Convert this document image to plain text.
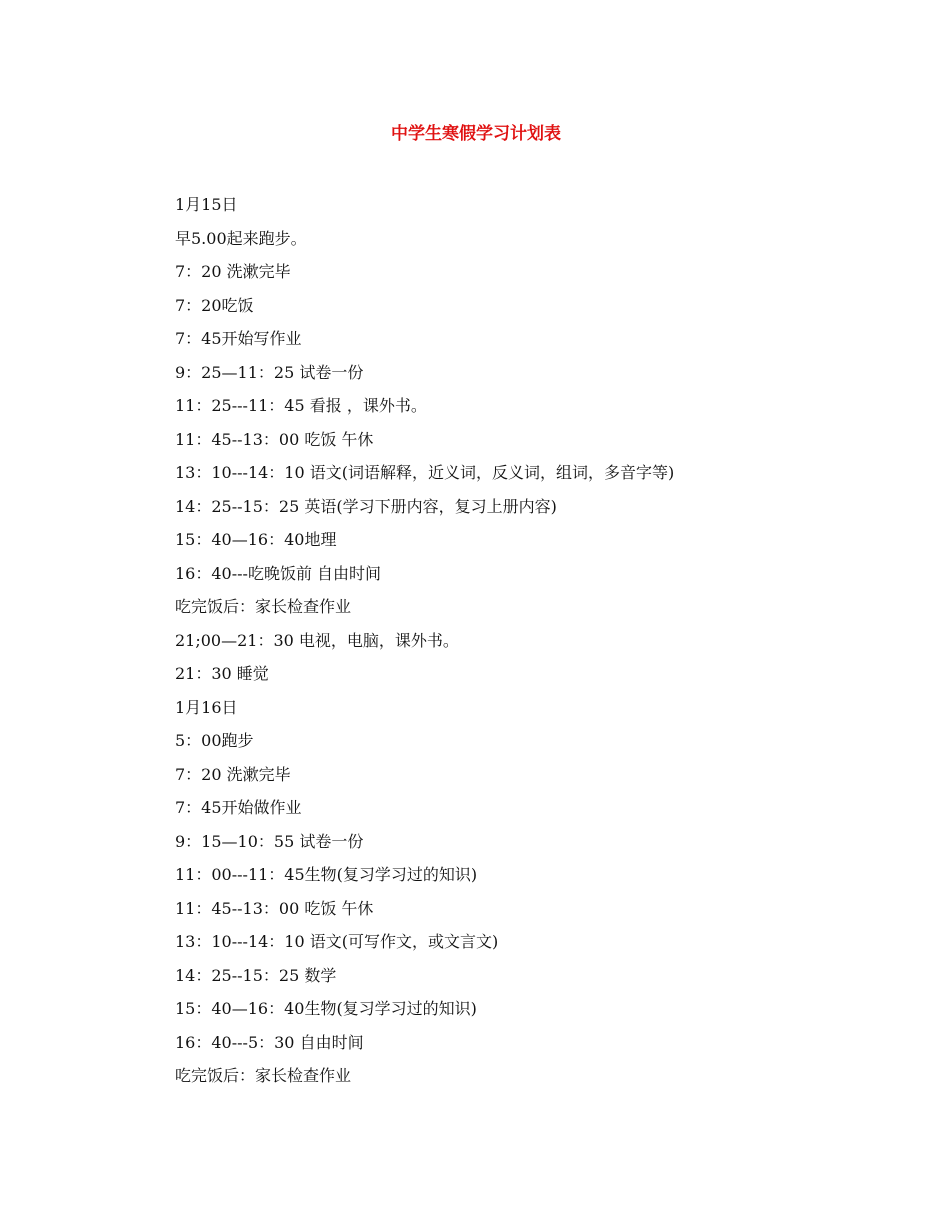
中学生寒假学习计划表
1月15日
早5.00起来跑步。
7：20 洗漱完毕
7：20吃饭
7：45开始写作业
9：25—11：25 试卷一份
11：25---11：45 看报 ，课外书。
11：45--13：00 吃饭 午休
13：10---14：10 语文(词语解释，近义词，反义词，组词，多音字等)
14：25--15：25 英语(学习下册内容，复习上册内容)
15：40—16：40地理
16：40---吃晚饭前 自由时间
吃完饭后：家长检查作业
21;00—21：30 电视，电脑，课外书。
21：30 睡觉
1月16日
5：00跑步
7：20 洗漱完毕
7：45开始做作业
9：15—10：55 试卷一份
11：00---11：45生物(复习学习过的知识)
11：45--13：00 吃饭 午休
13：10---14：10 语文(可写作文，或文言文)
14：25--15：25 数学
15：40—16：40生物(复习学习过的知识)
16：40---5：30 自由时间
吃完饭后：家长检查作业
